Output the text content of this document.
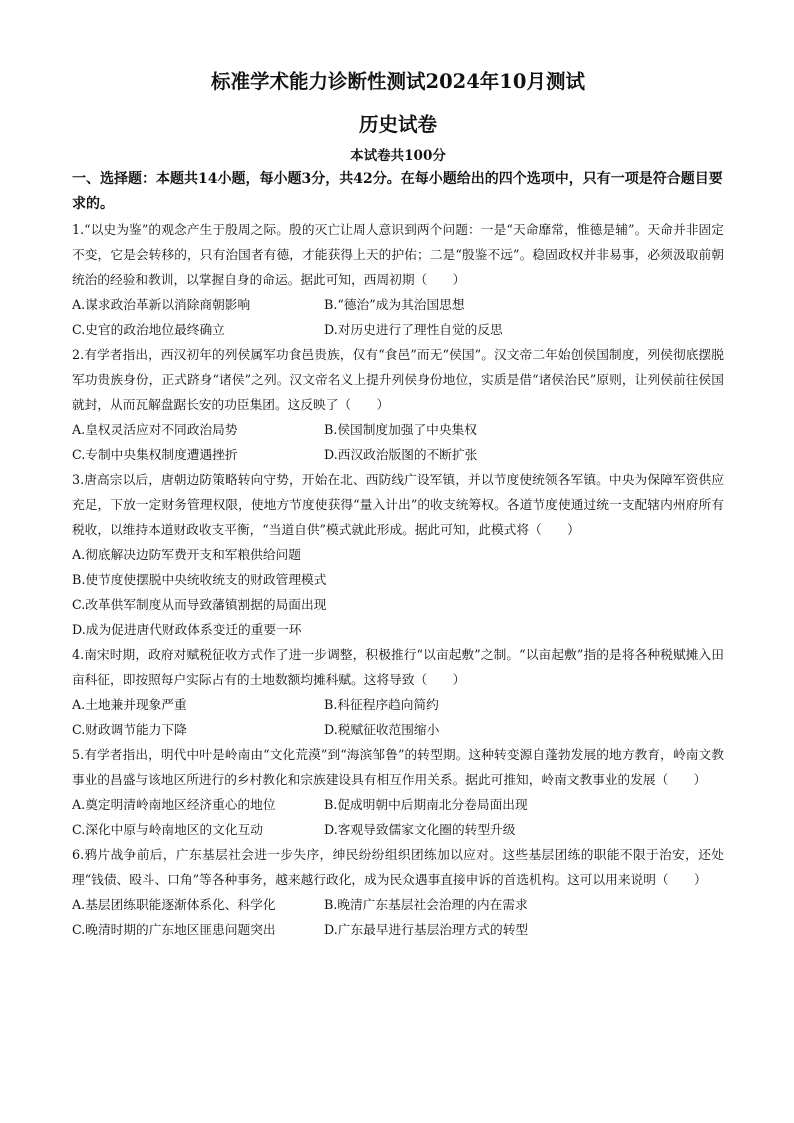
标准学术能力诊断性测试2024年10月测试
历史试卷
本试卷共100分
一、选择题：本题共14小题，每小题3分，共42分。在每小题给出的四个选项中，只有一项是符合题目要求的。

1.“以史为鉴”的观念产生于殷周之际。殷的灭亡让周人意识到两个问题：一是“天命靡常，惟德是辅”。天命并非固定不变，它是会转移的，只有治国者有德，才能获得上天的护佑；二是“殷鉴不远”。稳固政权并非易事，必须汲取前朝统治的经验和教训，以掌握自身的命运。据此可知，西周初期（　　）

A.谋求政治革新以消除商朝影响	B.“德治”成为其治国思想
C.史官的政治地位最终确立	D.对历史进行了理性自觉的反思

2.有学者指出，西汉初年的列侯属军功食邑贵族，仅有“食邑”而无“侯国”。汉文帝二年始创侯国制度，列侯彻底摆脱军功贵族身份，正式跻身“诸侯”之列。汉文帝名义上提升列侯身份地位，实质是借“诸侯治民”原则，让列侯前往侯国就封，从而瓦解盘踞长安的功臣集团。这反映了（　　）

A.皇权灵活应对不同政治局势	B.侯国制度加强了中央集权
C.专制中央集权制度遭遇挫折	D.西汉政治版图的不断扩张

3.唐高宗以后，唐朝边防策略转向守势，开始在北、西防线广设军镇，并以节度使统领各军镇。中央为保障军资供应充足，下放一定财务管理权限，使地方节度使获得“量入计出”的收支统筹权。各道节度使通过统一支配辖内州府所有税收，以维持本道财政收支平衡，“当道自供”模式就此形成。据此可知，此模式将（　　）

A.彻底解决边防军费开支和军粮供给问题
B.使节度使摆脱中央统收统支的财政管理模式
C.改革供军制度从而导致藩镇割据的局面出现
D.成为促进唐代财政体系变迁的重要一环

4.南宋时期，政府对赋税征收方式作了进一步调整，积极推行“以亩起敷”之制。“以亩起敷”指的是将各种税赋摊入田亩科征，即按照每户实际占有的土地数额均摊科赋。这将导致（　　）

A.土地兼并现象严重	B.科征程序趋向简约
C.财政调节能力下降	D.税赋征收范围缩小

5.有学者指出，明代中叶是岭南由“文化荒漠”到“海滨邹鲁”的转型期。这种转变源自蓬勃发展的地方教育，岭南文教事业的昌盛与该地区所进行的乡村教化和宗族建设具有相互作用关系。据此可推知，岭南文教事业的发展（　　）

A.奠定明清岭南地区经济重心的地位	B.促成明朝中后期南北分卷局面出现
C.深化中原与岭南地区的文化互动	D.客观导致儒家文化圈的转型升级

6.鸦片战争前后，广东基层社会进一步失序，绅民纷纷组织团练加以应对。这些基层团练的职能不限于治安，还处理“钱债、殴斗、口角”等各种事务，越来越行政化，成为民众遇事直接申诉的首选机构。这可以用来说明（　　）

A.基层团练职能逐渐体系化、科学化	B.晚清广东基层社会治理的内在需求
C.晚清时期的广东地区匪患问题突出	D.广东最早进行基层治理方式的转型
